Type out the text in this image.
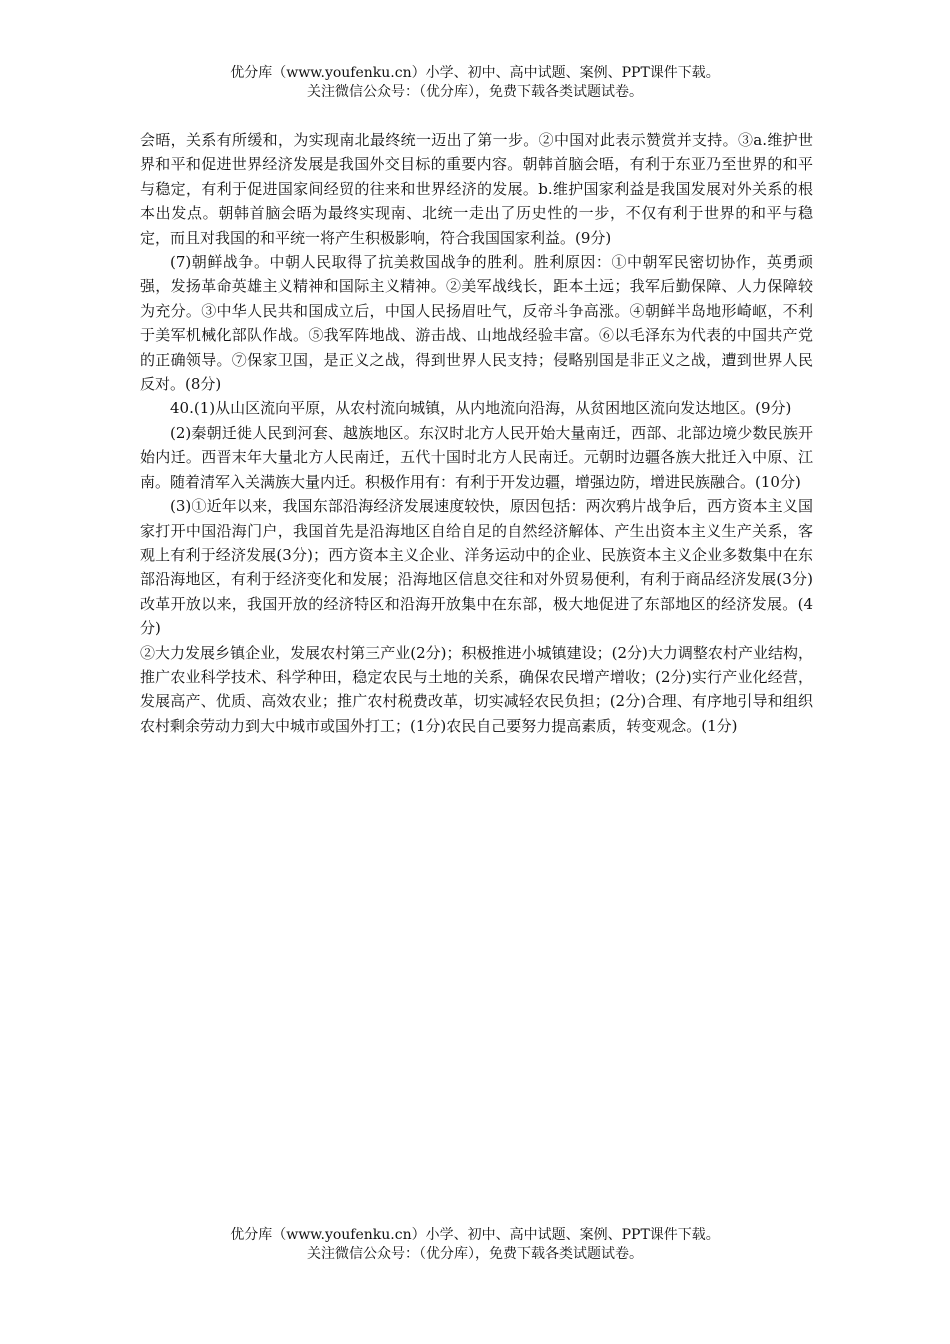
优分库（www.youfenku.cn）小学、初中、高中试题、案例、PPT课件下载。
关注微信公众号：（优分库），免费下载各类试题试卷。

会晤，关系有所缓和，为实现南北最终统一迈出了第一步。②中国对此表示赞赏并支持。③a.维护世界和平和促进世界经济发展是我国外交目标的重要内容。朝韩首脑会晤，有利于东亚乃至世界的和平与稳定，有利于促进国家间经贸的往来和世界经济的发展。b.维护国家利益是我国发展对外关系的根本出发点。朝韩首脑会晤为最终实现南、北统一走出了历史性的一步，不仅有利于世界的和平与稳定，而且对我国的和平统一将产生积极影响，符合我国国家利益。(9分)

(7)朝鲜战争。中朝人民取得了抗美救国战争的胜利。胜利原因：①中朝军民密切协作，英勇顽强，发扬革命英雄主义精神和国际主义精神。②美军战线长，距本土远；我军后勤保障、人力保障较为充分。③中华人民共和国成立后，中国人民扬眉吐气，反帝斗争高涨。④朝鲜半岛地形崎岖，不利于美军机械化部队作战。⑤我军阵地战、游击战、山地战经验丰富。⑥以毛泽东为代表的中国共产党的正确领导。⑦保家卫国，是正义之战，得到世界人民支持；侵略别国是非正义之战，遭到世界人民反对。(8分)

40.(1)从山区流向平原，从农村流向城镇，从内地流向沿海，从贫困地区流向发达地区。(9分)

(2)秦朝迁徙人民到河套、越族地区。东汉时北方人民开始大量南迁，西部、北部边境少数民族开始内迁。西晋末年大量北方人民南迁，五代十国时北方人民南迁。元朝时边疆各族大批迁入中原、江南。随着清军入关满族大量内迁。积极作用有：有利于开发边疆，增强边防，增进民族融合。(10分)

(3)①近年以来，我国东部沿海经济发展速度较快，原因包括：两次鸦片战争后，西方资本主义国家打开中国沿海门户，我国首先是沿海地区自给自足的自然经济解体、产生出资本主义生产关系，客观上有利于经济发展(3分)；西方资本主义企业、洋务运动中的企业、民族资本主义企业多数集中在东部沿海地区，有利于经济变化和发展；沿海地区信息交往和对外贸易便利，有利于商品经济发展(3分)改革开放以来，我国开放的经济特区和沿海开放集中在东部，极大地促进了东部地区的经济发展。(4分)

②大力发展乡镇企业，发展农村第三产业(2分)；积极推进小城镇建设；(2分)大力调整农村产业结构，推广农业科学技术、科学种田，稳定农民与土地的关系，确保农民增产增收；(2分)实行产业化经营，发展高产、优质、高效农业；推广农村税费改革，切实减轻农民负担；(2分)合理、有序地引导和组织农村剩余劳动力到大中城市或国外打工；(1分)农民自己要努力提高素质，转变观念。(1分)

优分库（www.youfenku.cn）小学、初中、高中试题、案例、PPT课件下载。
关注微信公众号：（优分库），免费下载各类试题试卷。
